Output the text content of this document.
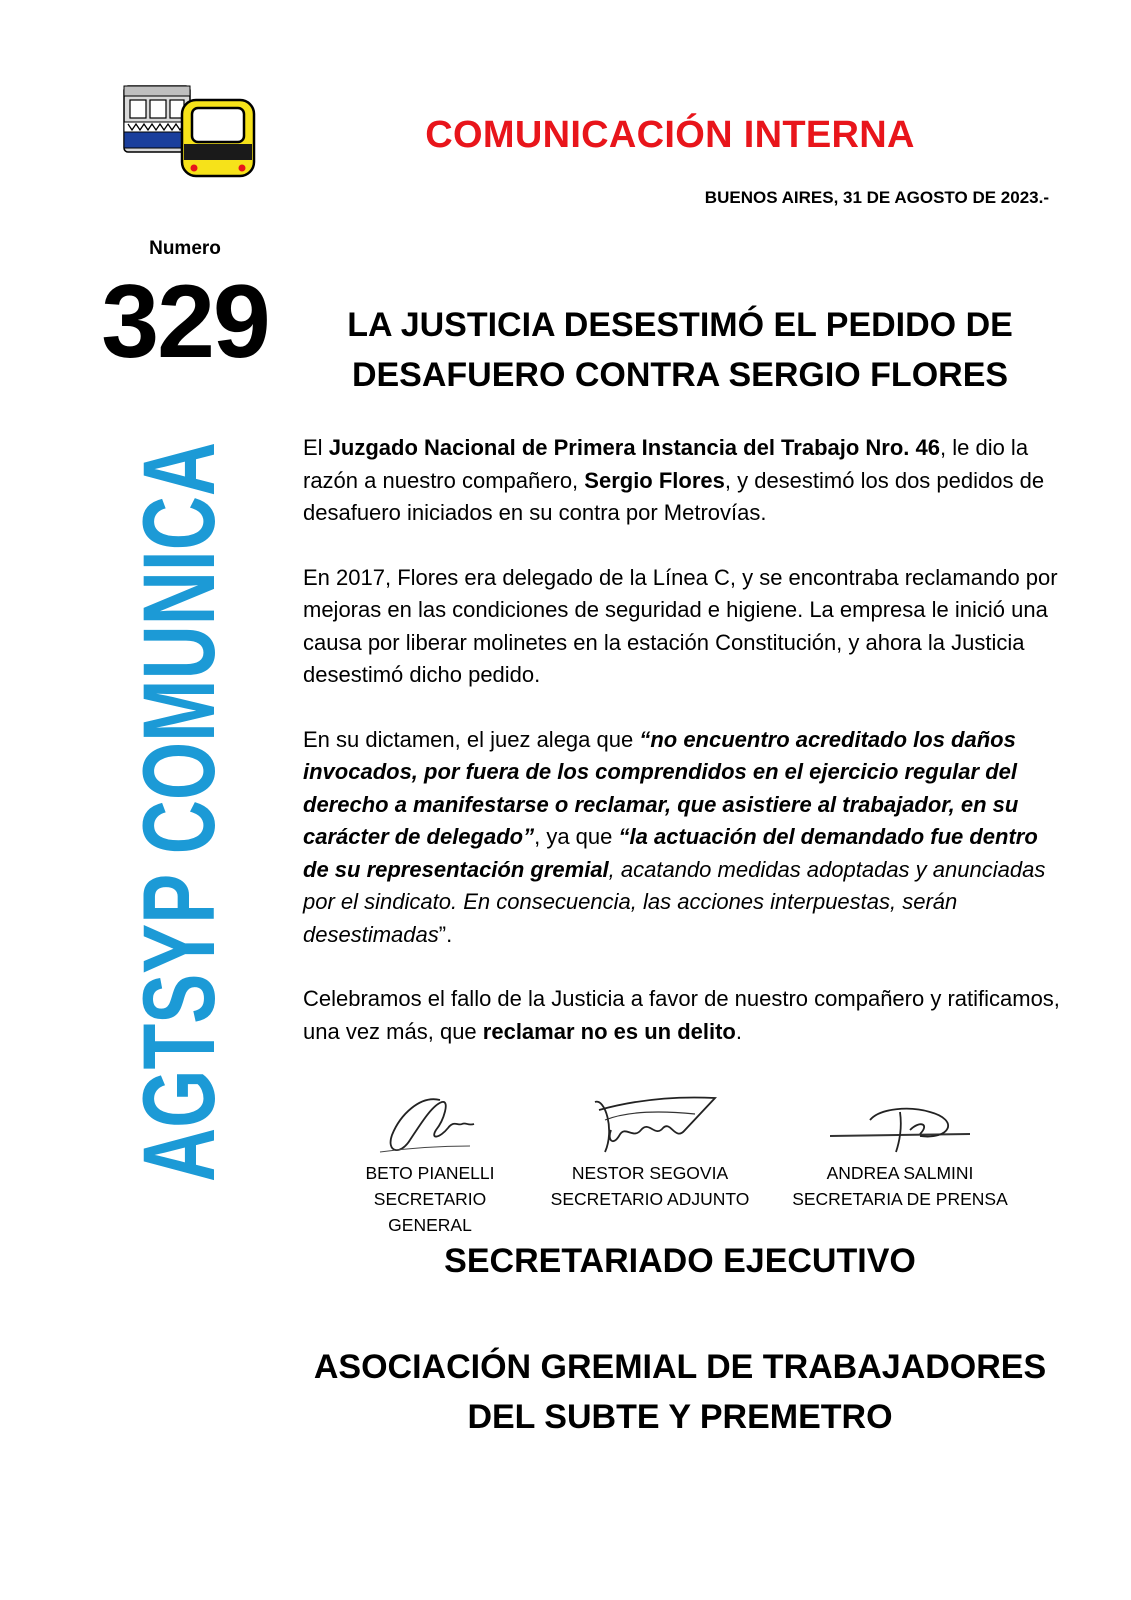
COMUNICACIÓN INTERNA
BUENOS AIRES, 31 DE AGOSTO DE 2023.-
Numero
329
AGTSYP COMU
LA JUSTICIA DESESTIMÓ EL PEDIDO DE
DESAFUERO CONTRA SERGIO FLORES

El Juzgado Nacional de Primera Instancia del Trabajo Nro. 46, le dio la razón a nuestro compañero, Sergio Flores, y desestimó los dos pedidos de desafuero iniciados en su contra por Metrovías.

En 2017, Flores era delegado de la Línea C, y se encontraba reclamando por mejoras en las condiciones de seguridad e higiene. La empresa le inició una causa por liberar molinetes en la estación Constitución, y ahora la Justicia desestimó dicho pedido.

En su dictamen, el juez alega que “no encuentro acreditado los daños invocados, por fuera de los comprendidos en el ejercicio regular del derecho a manifestarse o reclamar, que asistiere al trabajador, en su carácter de delegado”, ya que “la actuación del demandado fue dentro de su representación gremial, acatando medidas adoptadas y anunciadas por el sindicato. En consecuencia, las acciones interpuestas, serán desestimadas”.

Celebramos el fallo de la Justicia a favor de nuestro compañero y ratificamos, una vez más, que reclamar no es un delito.

BETO PIANELLI
SECRETARIO GENERAL
NESTOR SEGOVIA
SECRETARIO ADJUNTO
ANDREA SALMINI
SECRETARIA DE PRENSA
SECRETARIADO EJECUTIVO
ASOCIACIÓN GREMIAL DE TRABAJADORES
DEL SUBTE Y PREMETRO
